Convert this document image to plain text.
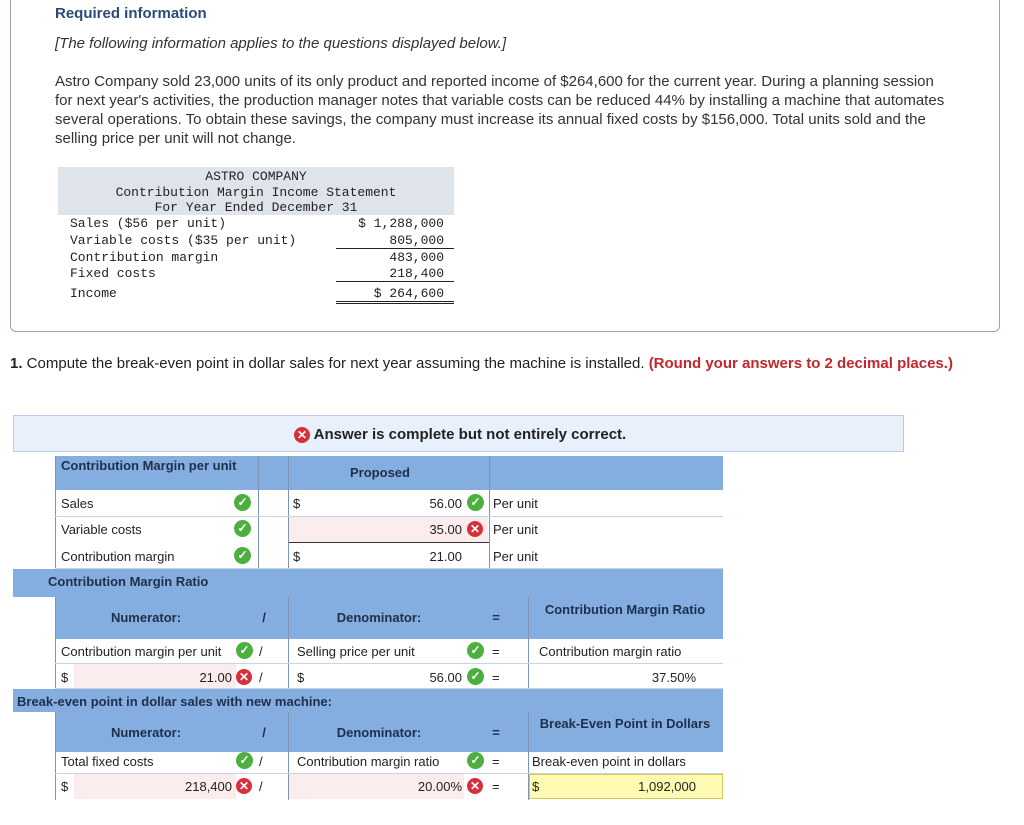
Required information
[The following information applies to the questions displayed below.]
Astro Company sold 23,000 units of its only product and reported income of $264,600 for the current year. During a planning session for next year's activities, the production manager notes that variable costs can be reduced 44% by installing a machine that automates several operations. To obtain these savings, the company must increase its annual fixed costs by $156,000. Total units sold and the selling price per unit will not change.
ASTRO COMPANY
Contribution Margin Income Statement
For Year Ended December 31
Sales ($56 per unit)	$ 1,288,000
Variable costs ($35 per unit)	805,000
Contribution margin	483,000
Fixed costs	218,400
Income	$ 264,600
1. Compute the break-even point in dollar sales for next year assuming the machine is installed. (Round your answers to 2 decimal places.)
✕ Answer is complete but not entirely correct.
Contribution Margin per unit	Proposed
Sales	✓	$	56.00 ✓ Per unit
Variable costs	✓	35.00 ✕ Per unit
Contribution margin	✓	$	21.00 Per unit
Contribution Margin Ratio
Numerator:	/	Denominator:	=
Contribution Margin Ratio
Contribution margin per unit ✓ /	Selling price per unit	✓ =	Contribution margin ratio
$	21.00 ✕ /	$	56.00 ✓ =	37.50%
Break-even point in dollar sales with new machine:
Numerator:	/	Denominator:	=
Break-Even Point in Dollars
Total fixed costs	✓ /	Contribution margin ratio	✓ = Break-even point in dollars
$	218,400 ✕ /	20.00% ✕ = $	1,092,000
